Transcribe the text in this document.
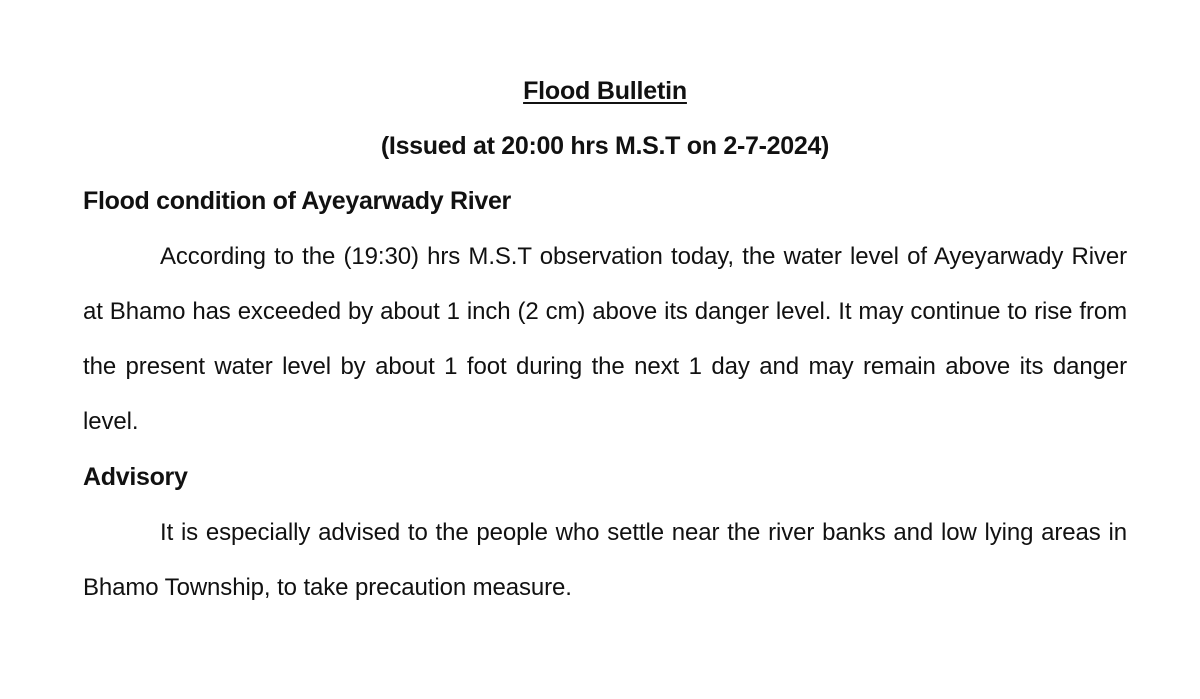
Flood Bulletin
(Issued at 20:00 hrs M.S.T on 2-7-2024)
Flood condition of Ayeyarwady River
According to the (19:30) hrs M.S.T observation today, the water level of Ayeyarwady River at Bhamo has exceeded by about 1 inch (2 cm) above its danger level. It may continue to rise from the present water level by about 1 foot during the next 1 day and may remain above its danger level.
Advisory
It is especially advised to the people who settle near the river banks and low lying areas in Bhamo Township, to take precaution measure.
